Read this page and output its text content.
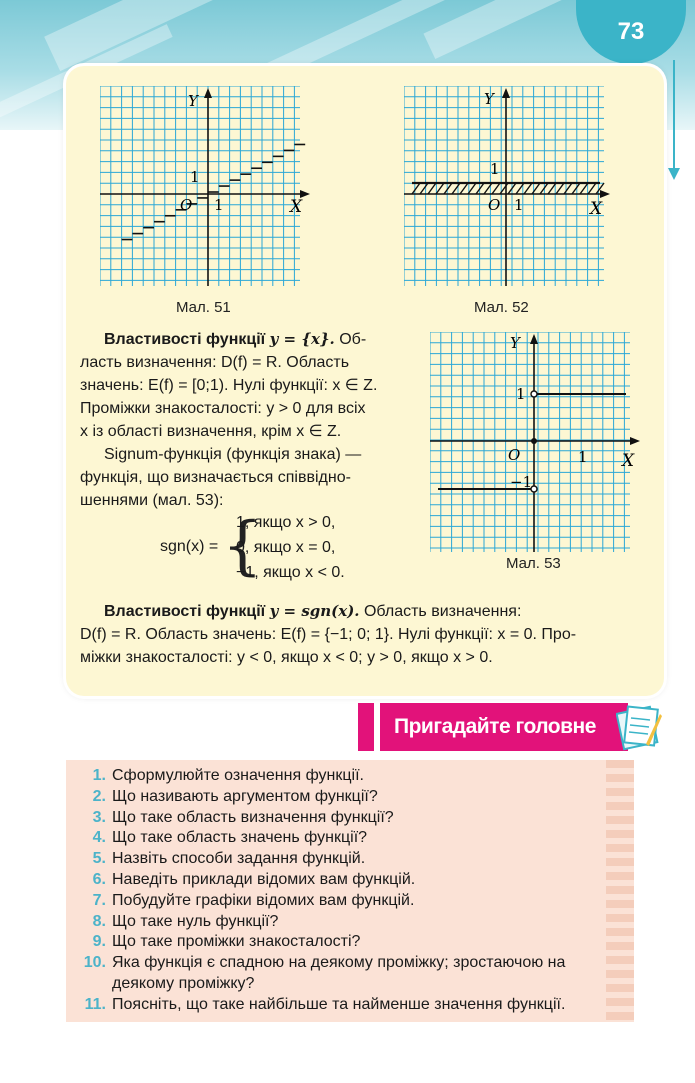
73
Y
X
O 1
1
Мал. 51
Y
X
O 1
1
Мал. 52
Y
X
O	1
1
−1
Мал. 53
Властивості функції y = {x}. Об-
ласть визначення: D(f) = R. Область
значень: E(f) = [0;1). Нулі функції: x ∈ Z.
Проміжки знакосталості: y > 0 для всіх
x із області визначення, крім x ∈ Z.
Signum-функція (функція знака) —
функція, що визначається співвідно-
шеннями (мал. 53):
sgn(x) = {
1, якщо x > 0,
0, якщо x = 0,
−1, якщо x < 0.
Властивості функції y = sgn(x). Область визначення:
D(f) = R. Область значень: E(f) = {−1; 0; 1}. Нулі функції: x = 0. Про-
міжки знакосталості: y < 0, якщо x < 0; y > 0, якщо x > 0.
Пригадайте головне
1. Сформулюйте означення функції.
2. Що називають аргументом функції?
3. Що таке область визначення функції?
4. Що таке область значень функції?
5. Назвіть способи задання функцій.
6. Наведіть приклади відомих вам функцій.
7. Побудуйте графіки відомих вам функцій.
8. Що таке нуль функції?
9. Що таке проміжки знакосталості?
10. Яка функція є спадною на деякому проміжку; зростаючою на деякому проміжку?
11. Поясніть, що таке найбільше та найменше значення функції.
